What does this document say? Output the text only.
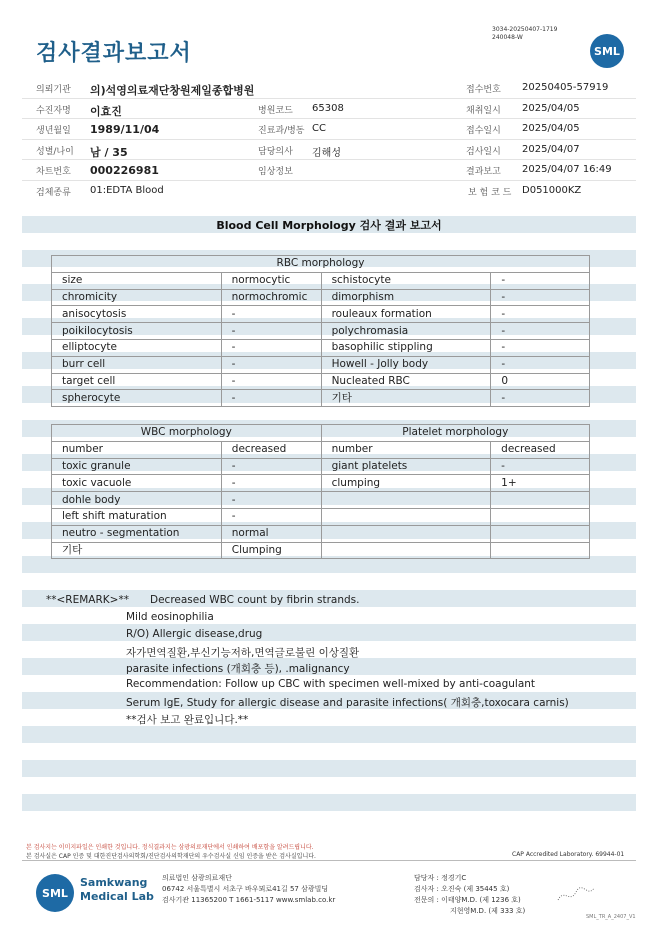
검사결과보고서
3034-20250407-1719
240048-W
SML
의뢰기관 의)석영의료재단창원제일종합병원	접수번호 20250405-57919
수진자명 이효진	병원코드 65308	채취일시 2025/04/05
생년월일 1989/11/04	진료과/병동 CC	접수일시 2025/04/05
성별/나이 남 / 35	담당의사 김해성	검사일시 2025/04/07
차트번호 000226981	임상정보	결과보고 2025/04/07 16:49
검체종류 01:EDTA Blood	보 험 코 드 D051000KZ
Blood Cell Morphology 검사 결과 보고서
RBC morphology			
size	normocytic	schistocyte	-
chromicity	normochromic	dimorphism	-
anisocytosis	-	rouleaux formation	-
poikilocytosis	-	polychromasia	-
elliptocyte	-	basophilic stippling	-
burr cell	-	Howell - Jolly body	-
target cell	-	Nucleated RBC	0
spherocyte	-	기타	-
WBC morphology		Platelet morphology	
number	decreased	number	decreased
toxic granule	-	giant platelets	-
toxic vacuole	-	clumping	1+
dohle body	-		
left shift maturation	-		
neutro - segmentation	normal		
기타	Clumping		
**<REMARK>** Decreased WBC count by fibrin strands.
Mild eosinophilia
R/O) Allergic disease,drug
자가면역질환,부신기능저하,면역글로불린 이상질환
parasite infections (개회충 등), .malignancy
Recommendation: Follow up CBC with specimen well-mixed by anti-coagulant
Serum IgE, Study for allergic disease and parasite infections( 개회충,toxocara carnis)
**검사 보고 완료입니다.**
본 검사지는 이미지파일은 인쇄한 것입니다. 정식결과지는 삼광의료재단에서 인쇄하여 배포함을 알려드립니다.
본 검사실은 CAP 인증 및 대한진단검사의학회/진단검사의학재단의 우수검사실 신임 인증을 받은 검사실입니다.	CAP Accredited Laboratory. 69944-01
SML
Samkwang
Medical Lab
의료법인 삼광의료재단
06742 서울특별시 서초구 바우뫼로41길 57 삼광빌딩
검사기관 11365200 T 1661-5117 www.smlab.co.kr
담당자 : 정경기C
검사자 : 오진숙 (제 35445 호)
전문의 : 이태양M.D. (제 1236 호)
지현영M.D. (제 333 호)
SML_TR_A_2407_V1
